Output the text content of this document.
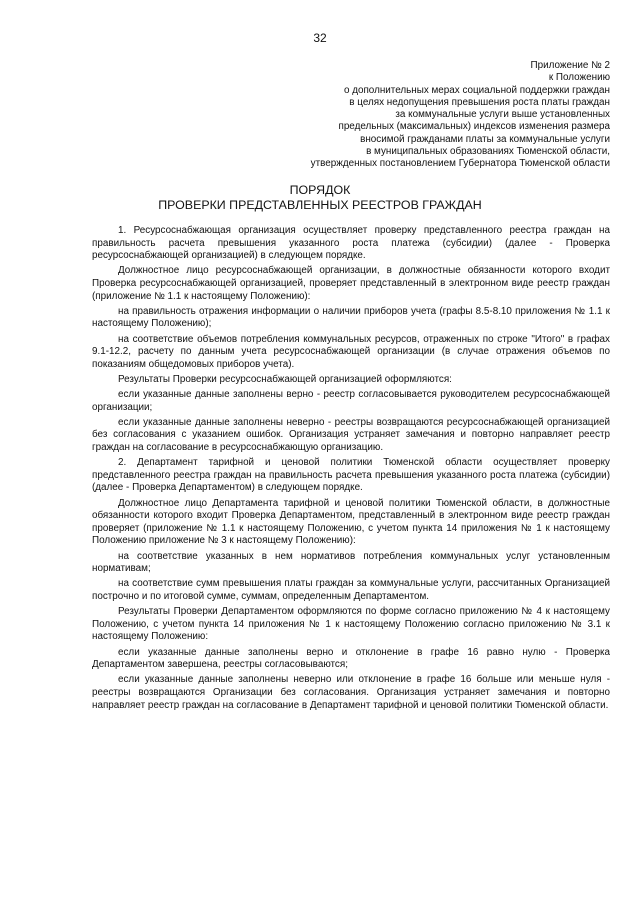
32
Приложение № 2
к Положению
о дополнительных мерах социальной поддержки граждан
в целях недопущения превышения роста платы граждан
за коммунальные услуги выше установленных
предельных (максимальных) индексов изменения размера
вносимой гражданами платы за коммунальные услуги
в муниципальных образованиях Тюменской области,
утвержденных постановлением Губернатора Тюменской области
ПОРЯДОК
ПРОВЕРКИ ПРЕДСТАВЛЕННЫХ РЕЕСТРОВ ГРАЖДАН

1. Ресурсоснабжающая организация осуществляет проверку представленного реестра граждан на правильность расчета превышения указанного роста платежа (субсидии) (далее - Проверка ресурсоснабжающей организацией) в следующем порядке.

Должностное лицо ресурсоснабжающей организации, в должностные обязанности которого входит Проверка ресурсоснабжающей организацией, проверяет представленный в электронном виде реестр граждан (приложение № 1.1 к настоящему Положению):

на правильность отражения информации о наличии приборов учета (графы 8.5-8.10 приложения № 1.1 к настоящему Положению);

на соответствие объемов потребления коммунальных ресурсов, отраженных по строке "Итого" в графах 9.1-12.2, расчету по данным учета ресурсоснабжающей организации (в случае отражения объемов по показаниям общедомовых приборов учета).

Результаты Проверки ресурсоснабжающей организацией оформляются:

если указанные данные заполнены верно - реестр согласовывается руководителем ресурсоснабжающей организации;

если указанные данные заполнены неверно - реестры возвращаются ресурсоснабжающей организацией без согласования с указанием ошибок. Организация устраняет замечания и повторно направляет реестр граждан на согласование в ресурсоснабжающую организацию.

2. Департамент тарифной и ценовой политики Тюменской области осуществляет проверку представленного реестра граждан на правильность расчета превышения указанного роста платежа (субсидии) (далее - Проверка Департаментом) в следующем порядке.

Должностное лицо Департамента тарифной и ценовой политики Тюменской области, в должностные обязанности которого входит Проверка Департаментом, представленный в электронном виде реестр граждан проверяет (приложение № 1.1 к настоящему Положению, с учетом пункта 14 приложения № 1 к настоящему Положению приложение № 3 к настоящему Положению):

на соответствие указанных в нем нормативов потребления коммунальных услуг установленным нормативам;

на соответствие сумм превышения платы граждан за коммунальные услуги, рассчитанных Организацией построчно и по итоговой сумме, суммам, определенным Департаментом.

Результаты Проверки Департаментом оформляются по форме согласно приложению № 4 к настоящему Положению, с учетом пункта 14 приложения № 1 к настоящему Положению согласно приложению № 3.1 к настоящему Положению:

если указанные данные заполнены верно и отклонение в графе 16 равно нулю - Проверка Департаментом завершена, реестры согласовываются;

если указанные данные заполнены неверно или отклонение в графе 16 больше или меньше нуля - реестры возвращаются Организации без согласования. Организация устраняет замечания и повторно направляет реестр граждан на согласование в Департамент тарифной и ценовой политики Тюменской области.
